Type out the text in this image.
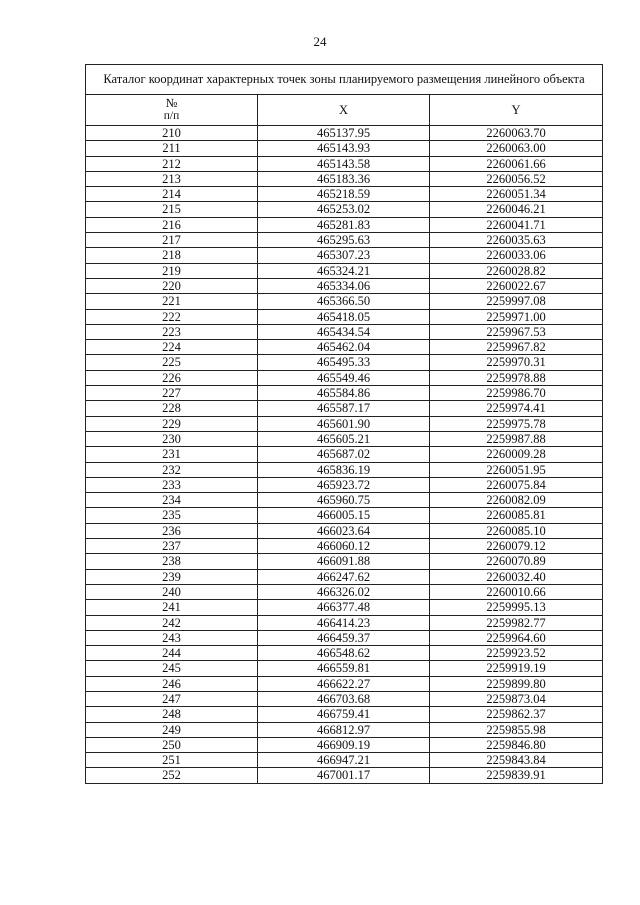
24
Каталог координат характерных точек зоны планируемого размещения линейного объекта		
№
п/п	X	Y
210	465137.95	2260063.70
211	465143.93	2260063.00
212	465143.58	2260061.66
213	465183.36	2260056.52
214	465218.59	2260051.34
215	465253.02	2260046.21
216	465281.83	2260041.71
217	465295.63	2260035.63
218	465307.23	2260033.06
219	465324.21	2260028.82
220	465334.06	2260022.67
221	465366.50	2259997.08
222	465418.05	2259971.00
223	465434.54	2259967.53
224	465462.04	2259967.82
225	465495.33	2259970.31
226	465549.46	2259978.88
227	465584.86	2259986.70
228	465587.17	2259974.41
229	465601.90	2259975.78
230	465605.21	2259987.88
231	465687.02	2260009.28
232	465836.19	2260051.95
233	465923.72	2260075.84
234	465960.75	2260082.09
235	466005.15	2260085.81
236	466023.64	2260085.10
237	466060.12	2260079.12
238	466091.88	2260070.89
239	466247.62	2260032.40
240	466326.02	2260010.66
241	466377.48	2259995.13
242	466414.23	2259982.77
243	466459.37	2259964.60
244	466548.62	2259923.52
245	466559.81	2259919.19
246	466622.27	2259899.80
247	466703.68	2259873.04
248	466759.41	2259862.37
249	466812.97	2259855.98
250	466909.19	2259846.80
251	466947.21	2259843.84
252	467001.17	2259839.91
